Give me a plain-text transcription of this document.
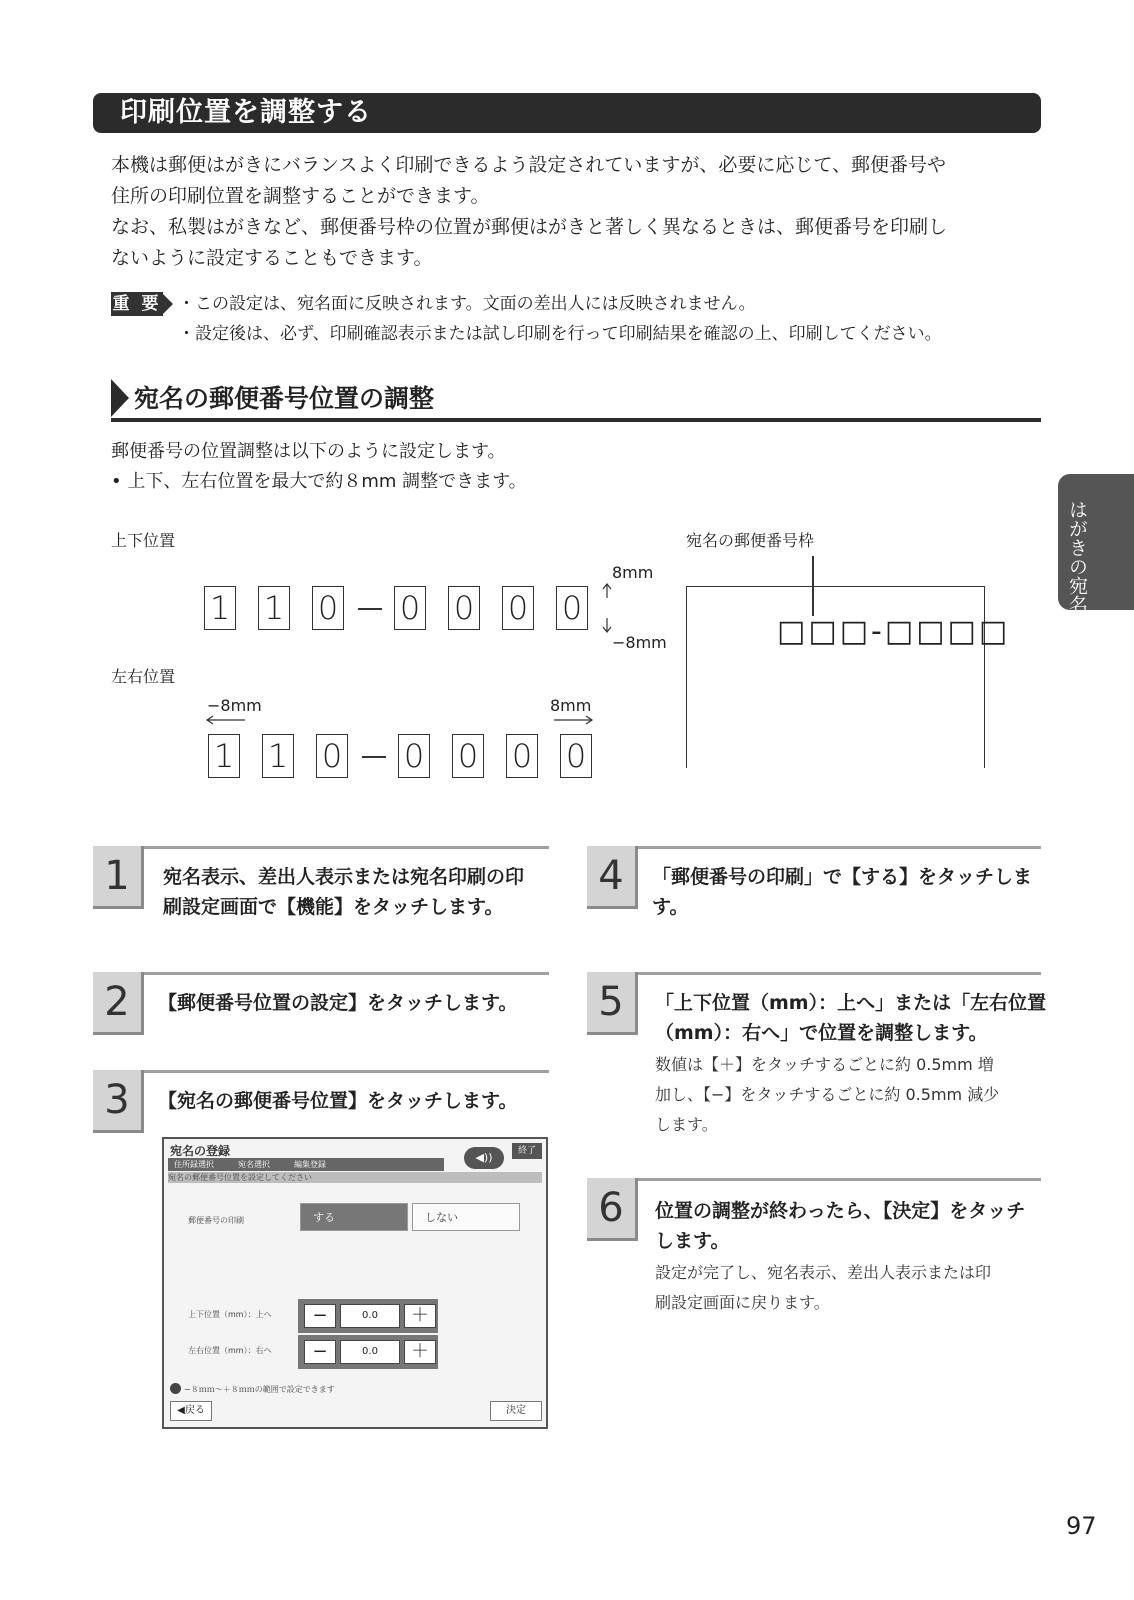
印刷位置を調整する

本機は郵便はがきにバランスよく印刷できるよう設定されていますが、必要に応じて、郵便番号や

住所の印刷位置を調整することができます。

なお、私製はがきなど、郵便番号枠の位置が郵便はがきと著しく異なるときは、郵便番号を印刷し

ないように設定することもできます。

重 要 ・この設定は、宛名面に反映されます。文面の差出人には反映されません。
・設定後は、必ず、印刷確認表示または試し印刷を行って印刷結果を確認の上、印刷してください。
宛名の郵便番号位置の調整

郵便番号の位置調整は以下のように設定します。

• 上下、左右位置を最大で約８mm 調整できます。

上下位置
1 1 0 0 0 0 0
8mm
−8mm
左右位置
−8mm	8mm
1 1 0 0 0 0 0
宛名の郵便番号枠
□□□-□□□□
1	宛名表示、差出人表示または宛名印刷の印
刷設定画面で【機能】をタッチします。
2	【郵便番号位置の設定】をタッチします。
3	【宛名の郵便番号位置】をタッチします。
宛名の登録
住所録選択	宛名選択	編集登録
宛名の郵便番号位置を設定してください
◀))	終了
郵便番号の印刷	する	しない
上下位置（mm）：上へ	−	0.0	＋
左右位置（mm）：右へ	−	0.0	＋
−８ｍｍ〜＋８ｍｍの範囲で設定できます
◀戻る	決定
4	「郵便番号の印刷」で【する】をタッチしま
す。
5	「上下位置（mm）：上へ」または「左右位置
（mm）：右へ」で位置を調整します。
数値は【＋】をタッチするごとに約 0.5mm 増
加し、【−】をタッチするごとに約 0.5mm 減少
します。
6	位置の調整が終わったら、【決定】をタッチ
します。
設定が完了し、宛名表示、差出人表示または印
刷設定画面に戻ります。
はがきの宛名印刷
97
